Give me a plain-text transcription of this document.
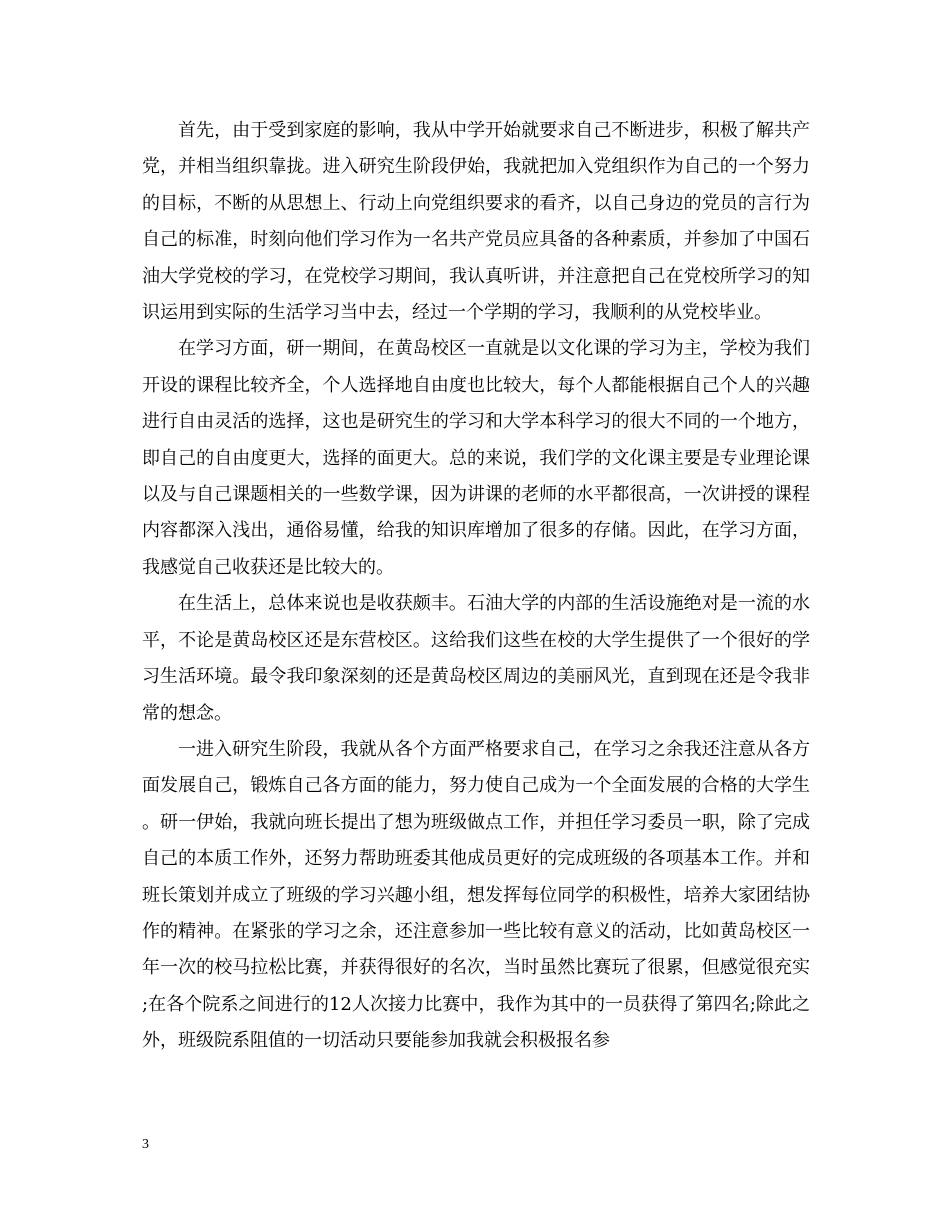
首先，由于受到家庭的影响，我从中学开始就要求自己不断进步，积极了解共产党，并相当组织靠拢。进入研究生阶段伊始，我就把加入党组织作为自己的一个努力的目标，不断的从思想上、行动上向党组织要求的看齐，以自己身边的党员的言行为自己的标准，时刻向他们学习作为一名共产党员应具备的各种素质，并参加了中国石油大学党校的学习，在党校学习期间，我认真听讲，并注意把自己在党校所学习的知识运用到实际的生活学习当中去，经过一个学期的学习，我顺利的从党校毕业。

在学习方面，研一期间，在黄岛校区一直就是以文化课的学习为主，学校为我们开设的课程比较齐全，个人选择地自由度也比较大，每个人都能根据自己个人的兴趣进行自由灵活的选择，这也是研究生的学习和大学本科学习的很大不同的一个地方，即自己的自由度更大，选择的面更大。总的来说，我们学的文化课主要是专业理论课以及与自己课题相关的一些数学课，因为讲课的老师的水平都很高，一次讲授的课程内容都深入浅出，通俗易懂，给我的知识库增加了很多的存储。因此，在学习方面，我感觉自己收获还是比较大的。

在生活上，总体来说也是收获颇丰。石油大学的内部的生活设施绝对是一流的水平，不论是黄岛校区还是东营校区。这给我们这些在校的大学生提供了一个很好的学习生活环境。最令我印象深刻的还是黄岛校区周边的美丽风光，直到现在还是令我非常的想念。

一进入研究生阶段，我就从各个方面严格要求自己，在学习之余我还注意从各方面发展自己，锻炼自己各方面的能力，努力使自己成为一个全面发展的合格的大学生。研一伊始，我就向班长提出了想为班级做点工作，并担任学习委员一职，除了完成自己的本质工作外，还努力帮助班委其他成员更好的完成班级的各项基本工作。并和班长策划并成立了班级的学习兴趣小组，想发挥每位同学的积极性，培养大家团结协作的精神。在紧张的学习之余，还注意参加一些比较有意义的活动，比如黄岛校区一年一次的校马拉松比赛，并获得很好的名次，当时虽然比赛玩了很累，但感觉很充实;在各个院系之间进行的12人次接力比赛中，我作为其中的一员获得了第四名;除此之外，班级院系阻值的一切活动只要能参加我就会积极报名参

3
